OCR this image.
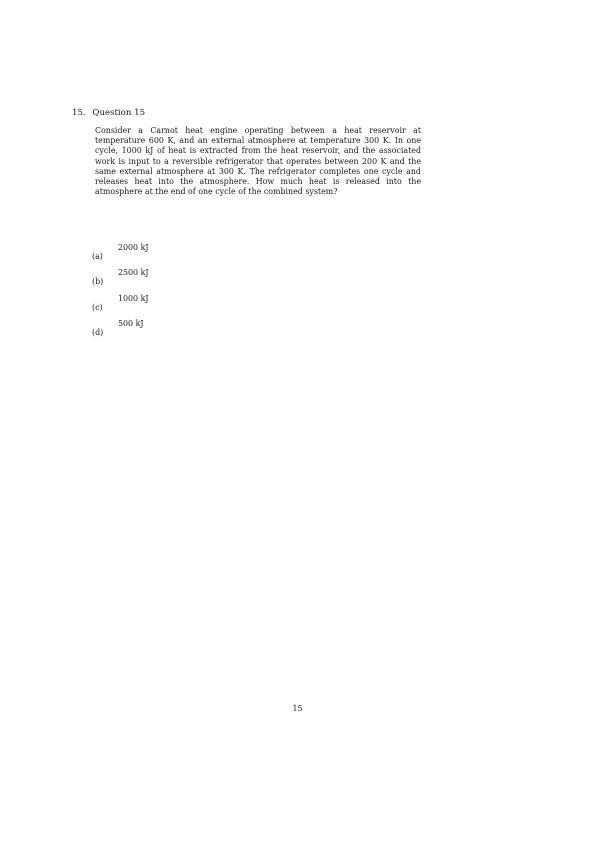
15. Question 15
Consider a Carnot heat engine operating between a heat reservoir at temperature 600 K, and an external atmosphere at temperature 300 K. In one cycle, 1000 kJ of heat is extracted from the heat reservoir, and the associated work is input to a reversible refrigerator that operates between 200 K and the same external atmosphere at 300 K. The refrigerator completes one cycle and releases heat into the atmosphere. How much heat is released into the atmosphere at the end of one cycle of the combined system?
(a)
2000 kJ
(b)
2500 kJ
(c)
1000 kJ
(d)
500 kJ
15
